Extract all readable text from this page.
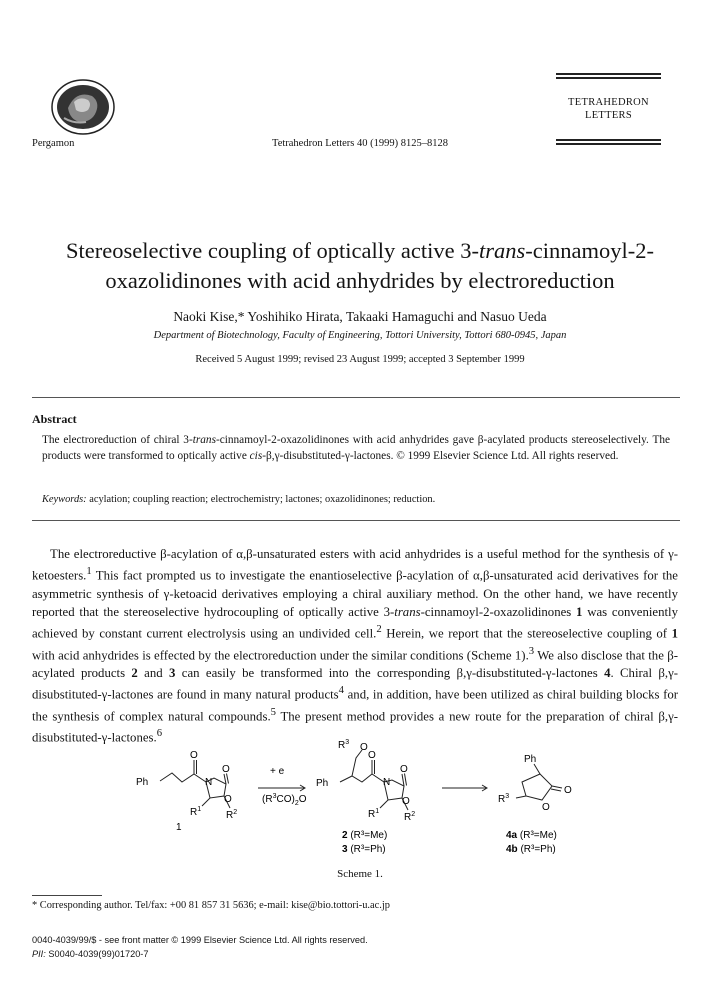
Pergamon	Tetrahedron Letters 40 (1999) 8125–8128
TETRAHEDRON
LETTERS
Stereoselective coupling of optically active 3-trans-cinnamoyl-2-oxazolidinones with acid anhydrides by electroreduction
Naoki Kise,* Yoshihiko Hirata, Takaaki Hamaguchi and Nasuo Ueda
Department of Biotechnology, Faculty of Engineering, Tottori University, Tottori 680-0945, Japan
Received 5 August 1999; revised 23 August 1999; accepted 3 September 1999
Abstract
The electroreduction of chiral 3-trans-cinnamoyl-2-oxazolidinones with acid anhydrides gave β-acylated products stereoselectively. The products were transformed to optically active cis-β,γ-disubstituted-γ-lactones. © 1999 Elsevier Science Ltd. All rights reserved.
Keywords: acylation; coupling reaction; electrochemistry; lactones; oxazolidinones; reduction.
The electroreductive β-acylation of α,β-unsaturated esters with acid anhydrides is a useful method for the synthesis of γ-ketoesters.$^1$ This fact prompted us to investigate the enantioselective β-acylation of α,β-unsaturated acid derivatives for the asymmetric synthesis of γ-ketoacid derivatives employing a chiral auxiliary method. On the other hand, we have recently reported that the stereoselective hydrocoupling of optically active 3-trans-cinnamoyl-2-oxazolidinones 1 was conveniently achieved by constant current electrolysis using an undivided cell.$^2$ Herein, we report that the stereoselective coupling of 1 with acid anhydrides is effected by the electroreduction under the similar conditions (Scheme 1).$^3$ We also disclose that the β-acylated products 2 and 3 can easily be transformed into the corresponding β,γ-disubstituted-γ-lactones 4. Chiral β,γ-disubstituted-γ-lactones are found in many natural products$^4$ and, in addition, have been utilized as chiral building blocks for the synthesis of complex natural compounds.$^5$ The present method provides a new route for the preparation of chiral β,γ-disubstituted-γ-lactones.$^6$
Ph
O
O
N
O
$R^1$
$R^2$
1
+ e
$(R^3CO)_2O$
Ph
$R^3$ O
O
O
N
O
$R^1$
$R^2$
2 (R³=Me)
3 (R³=Ph)
Ph
$R^3$
O
O
4a (R³=Me)
4b (R³=Ph)
Scheme 1.
* Corresponding author. Tel/fax: +00 81 857 31 5636; e-mail: kise@bio.tottori-u.ac.jp
0040-4039/99/$ - see front matter © 1999 Elsevier Science Ltd. All rights reserved.
PII: S0040-4039(99)01720-7
